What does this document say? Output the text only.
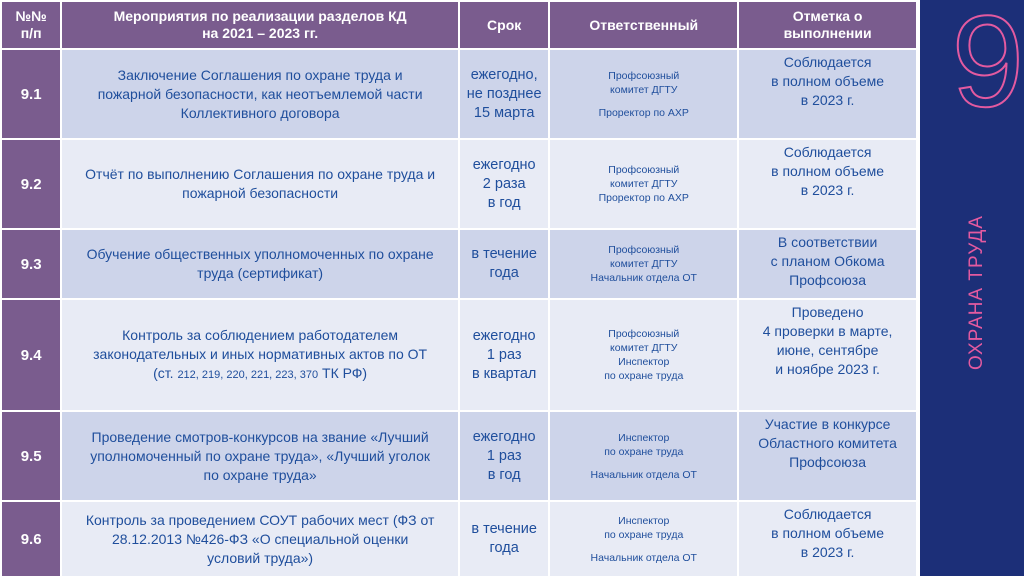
№№
п/п	Мероприятия по реализации разделов КД
на 2021 – 2023 гг.	Срок	Ответственный	Отметка о
выполнении

9.1	Заключение Соглашения по охране труда и
пожарной безопасности, как неотъемлемой части
Коллективного договора	ежегодно,
не позднее
15 марта	Профсоюзный
комитет ДГТУ
Проректор по АХР	Соблюдается
в полном объеме
в 2023 г.

9.2	Отчёт по выполнению Соглашения по охране труда и
пожарной безопасности	ежегодно
2 раза
в год	Профсоюзный
комитет ДГТУ
Проректор по АХР	Соблюдается
в полном объеме
в 2023 г.

9.3	Обучение общественных уполномоченных по охране
труда (сертификат)	в течение
года	Профсоюзный
комитет ДГТУ
Начальник отдела ОТ	В соответствии
с планом Обкома
Профсоюза

9.4	Контроль за соблюдением работодателем
законодательных и иных нормативных актов по ОТ
(ст. 212, 219, 220, 221, 223, 370 ТК РФ)	ежегодно
1 раз
в квартал	Профсоюзный
комитет ДГТУ
Инспектор
по охране труда	Проведено
4 проверки в марте,
июне, сентябре
и ноябре 2023 г.

9.5	Проведение смотров-конкурсов на звание «Лучший
уполномоченный по охране труда», «Лучший уголок
по охране труда»	ежегодно
1 раз
в год	Инспектор
по охране труда
Начальник отдела ОТ	Участие в конкурсе
Областного комитета
Профсоюза

9.6	Контроль за проведением СОУТ рабочих мест (ФЗ от
28.12.2013 №426-ФЗ «О специальной оценки
условий труда»)	в течение
года	Инспектор
по охране труда
Начальник отдела ОТ	Соблюдается
в полном объеме
в 2023 г.
9
ОХРАНА ТРУДА
